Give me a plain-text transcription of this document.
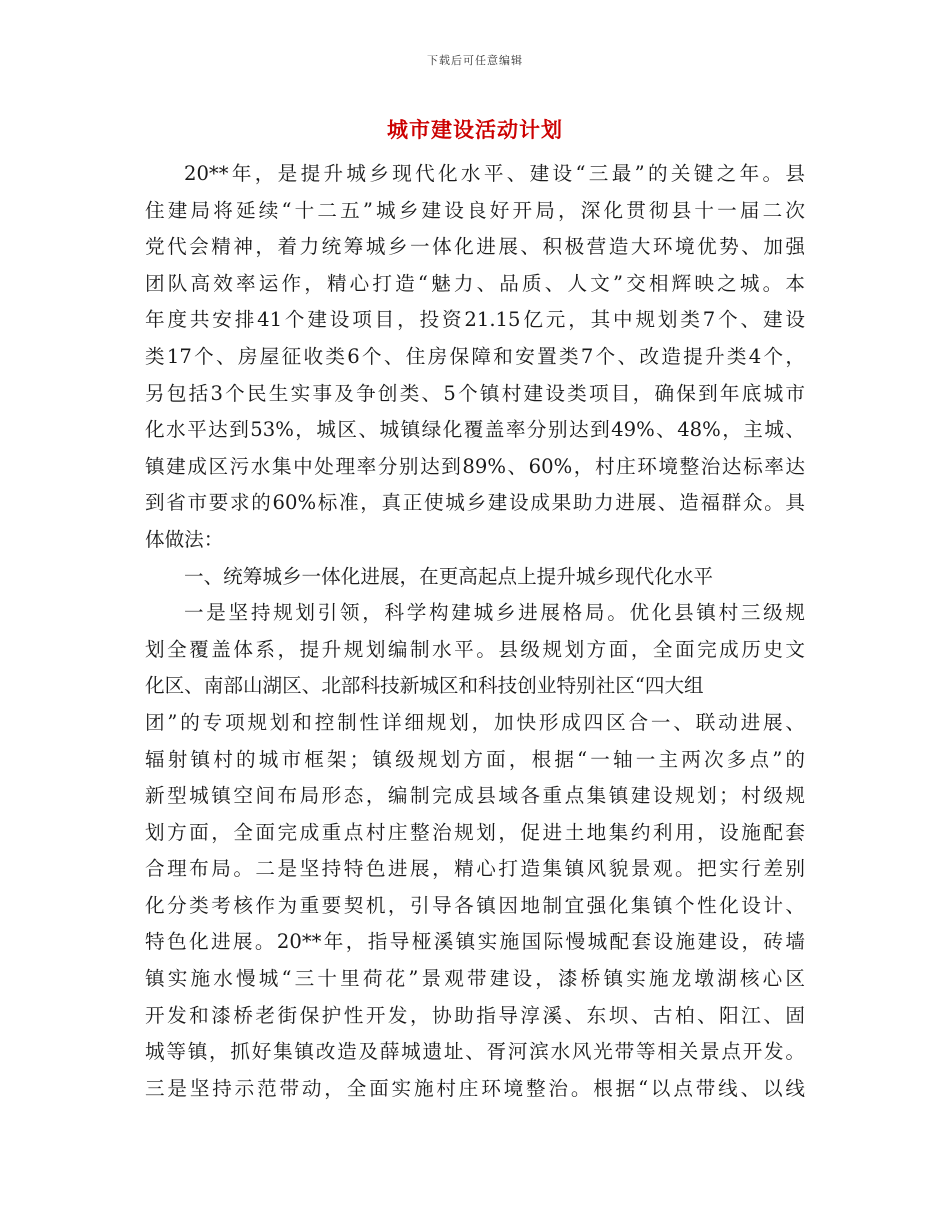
下载后可任意编辑
城市建设活动计划
20**年，是提升城乡现代化水平、建设“三最”的关键之年。县
住建局将延续“十二五”城乡建设良好开局，深化贯彻县十一届二次
党代会精神，着力统筹城乡一体化进展、积极营造大环境优势、加强
团队高效率运作，精心打造“魅力、品质、人文”交相辉映之城。本
年度共安排41个建设项目，投资21.15亿元，其中规划类7个、建设
类17个、房屋征收类6个、住房保障和安置类7个、改造提升类4个，
另包括3个民生实事及争创类、5个镇村建设类项目，确保到年底城市
化水平达到53%，城区、城镇绿化覆盖率分别达到49%、48%，主城、
镇建成区污水集中处理率分别达到89%、60%，村庄环境整治达标率达
到省市要求的60%标准，真正使城乡建设成果助力进展、造福群众。具
体做法：
一、统筹城乡一体化进展，在更高起点上提升城乡现代化水平
一是坚持规划引领，科学构建城乡进展格局。优化县镇村三级规
划全覆盖体系，提升规划编制水平。县级规划方面，全面完成历史文
化区、南部山湖区、北部科技新城区和科技创业特别社区“四大组
团”的专项规划和控制性详细规划，加快形成四区合一、联动进展、
辐射镇村的城市框架；镇级规划方面，根据“一轴一主两次多点”的
新型城镇空间布局形态，编制完成县域各重点集镇建设规划；村级规
划方面，全面完成重点村庄整治规划，促进土地集约利用，设施配套
合理布局。二是坚持特色进展，精心打造集镇风貌景观。把实行差别
化分类考核作为重要契机，引导各镇因地制宜强化集镇个性化设计、
特色化进展。20**年，指导桠溪镇实施国际慢城配套设施建设，砖墙
镇实施水慢城“三十里荷花”景观带建设，漆桥镇实施龙墩湖核心区
开发和漆桥老街保护性开发，协助指导淳溪、东坝、古柏、阳江、固
城等镇，抓好集镇改造及薛城遗址、胥河滨水风光带等相关景点开发。
三是坚持示范带动，全面实施村庄环境整治。根据“以点带线、以线
